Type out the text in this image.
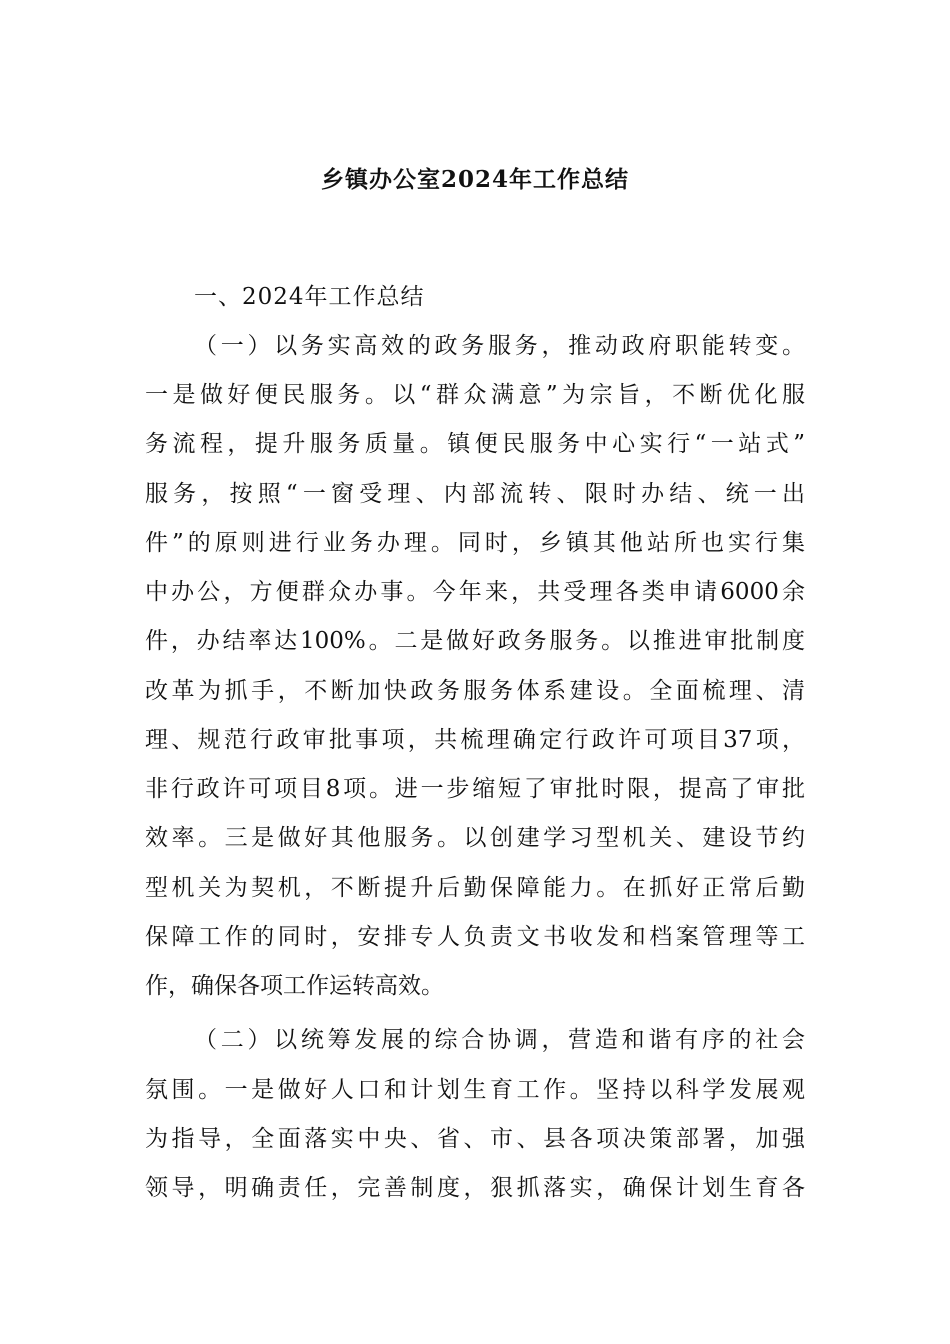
乡镇办公室2024年工作总结
一、2024年工作总结
（一）以务实高效的政务服务，推动政府职能转变。
一是做好便民服务。以“群众满意”为宗旨，不断优化服
务流程，提升服务质量。镇便民服务中心实行“一站式”
服务，按照“一窗受理、内部流转、限时办结、统一出
件”的原则进行业务办理。同时，乡镇其他站所也实行集
中办公，方便群众办事。今年来，共受理各类申请6000余
件，办结率达100%。二是做好政务服务。以推进审批制度
改革为抓手，不断加快政务服务体系建设。全面梳理、清
理、规范行政审批事项，共梳理确定行政许可项目37项，
非行政许可项目8项。进一步缩短了审批时限，提高了审批
效率。三是做好其他服务。以创建学习型机关、建设节约
型机关为契机，不断提升后勤保障能力。在抓好正常后勤
保障工作的同时，安排专人负责文书收发和档案管理等工
作，确保各项工作运转高效。
（二）以统筹发展的综合协调，营造和谐有序的社会
氛围。一是做好人口和计划生育工作。坚持以科学发展观
为指导，全面落实中央、省、市、县各项决策部署，加强
领导，明确责任，完善制度，狠抓落实，确保计划生育各
